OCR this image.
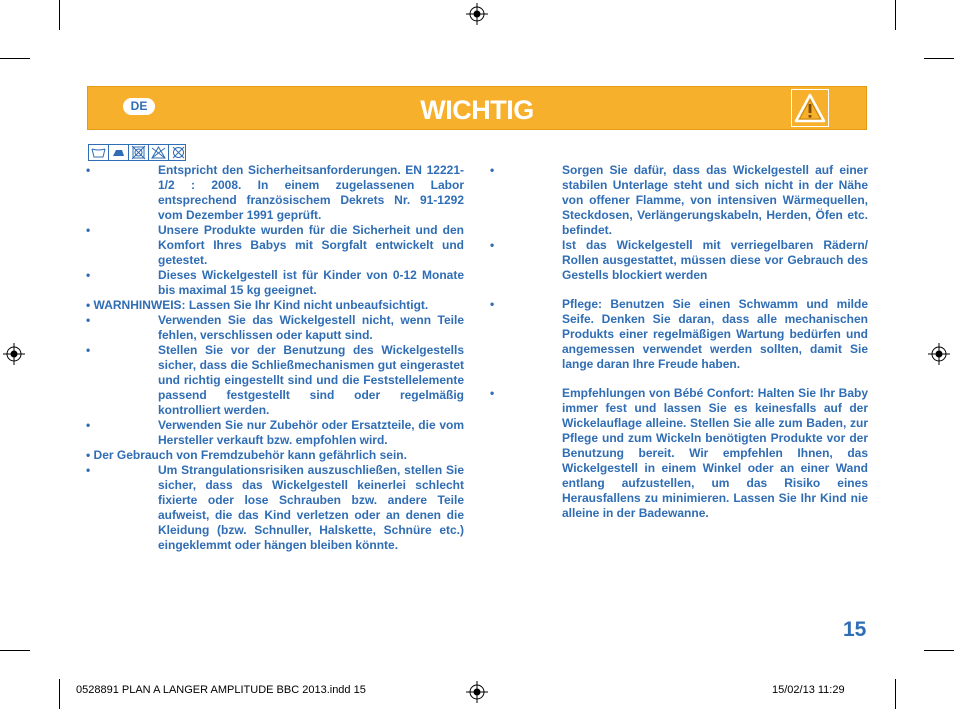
DE	WICHTIG
•	Entspricht den Sicherheitsanforderungen. EN 12221-1/2 : 2008. In einem zugelassenen Labor entsprechend französischem Dekrets Nr. 91-1292 vom Dezember 1991 geprüft.
•	Unsere Produkte wurden für die Sicherheit und den Komfort Ihres Babys mit Sorgfalt entwickelt und getestet.
•	Dieses Wickelgestell ist für Kinder von 0-12 Monate bis maximal 15 kg geeignet.
• WARNHINWEIS: Lassen Sie Ihr Kind nicht unbeaufsichtigt.
•	Verwenden Sie das Wickelgestell nicht, wenn Teile fehlen, verschlissen oder kaputt sind.
•	Stellen Sie vor der Benutzung des Wickelgestells sicher, dass die Schließmechanismen gut eingerastet und richtig eingestellt sind und die Feststellelemente passend festgestellt sind oder regelmäßig kontrolliert werden.
•	Verwenden Sie nur Zubehör oder Ersatzteile, die vom Hersteller verkauft bzw. empfohlen wird.
• Der Gebrauch von Fremdzubehör kann gefährlich sein.
•	Um Strangulationsrisiken auszuschließen, stellen Sie sicher, dass das Wickelgestell keinerlei schlecht fixierte oder lose Schrauben bzw. andere Teile aufweist, die das Kind verletzen oder an denen die Kleidung (bzw. Schnuller, Halskette, Schnüre etc.) eingeklemmt oder hängen bleiben könnte.
•	Sorgen Sie dafür, dass das Wickelgestell auf einer stabilen Unterlage steht und sich nicht in der Nähe von offener Flamme, von intensiven Wärmequellen, Steckdosen, Verlängerungskabeln, Herden, Öfen etc. befindet.
•	Ist das Wickelgestell mit verriegelbaren Rädern/ Rollen ausgestattet, müssen diese vor Gebrauch des Gestells blockiert werden
•	Pflege: Benutzen Sie einen Schwamm und milde Seife. Denken Sie daran, dass alle mechanischen Produkts einer regelmäßigen Wartung bedürfen und angemessen verwendet werden sollten, damit Sie lange daran Ihre Freude haben.
•	Empfehlungen von Bébé Confort: Halten Sie Ihr Baby immer fest und lassen Sie es keinesfalls auf der Wickelauflage alleine. Stellen Sie alle zum Baden, zur Pflege und zum Wickeln benötigten Produkte vor der Benutzung bereit. Wir empfehlen Ihnen, das Wickelgestell in einem Winkel oder an einer Wand entlang aufzustellen, um das Risiko eines Herausfallens zu minimieren. Lassen Sie Ihr Kind nie alleine in der Badewanne.
15
0528891 PLAN A LANGER AMPLITUDE BBC 2013.indd 15	15/02/13 11:29
